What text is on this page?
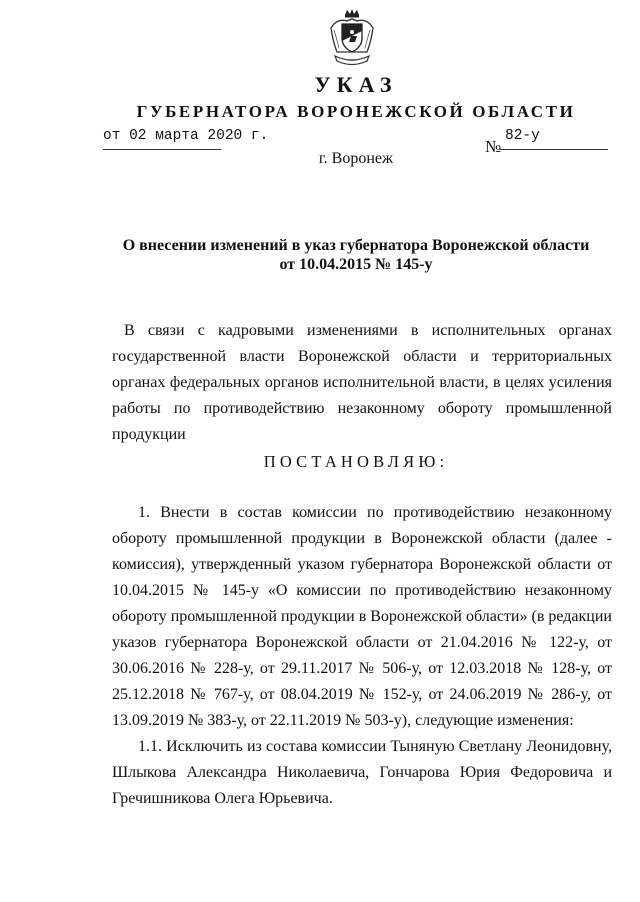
УКАЗ
ГУБЕРНАТОРА ВОРОНЕЖСКОЙ ОБЛАСТИ
от 02 марта 2020 г.
№
82-у
г. Воронеж
О внесении изменений в указ губернатора Воронежской области
от 10.04.2015 № 145-у
В связи с кадровыми изменениями в исполнительных органах государственной власти Воронежской области и территориальных органах федеральных органов исполнительной власти, в целях усиления работы по противодействию незаконному обороту промышленной продукции
ПОСТАНОВЛЯЮ:
1. Внести в состав комиссии по противодействию незаконному обороту промышленной продукции в Воронежской области (далее - комиссия), утвержденный указом губернатора Воронежской области от 10.04.2015 № 145-у «О комиссии по противодействию незаконному обороту промышленной продукции в Воронежской области» (в редакции указов губернатора Воронежской области от 21.04.2016 № 122-у, от 30.06.2016 № 228-у, от 29.11.2017 № 506-у, от 12.03.2018 № 128-у, от 25.12.2018 № 767-у, от 08.04.2019 № 152-у, от 24.06.2019 № 286-у, от 13.09.2019 № 383-у, от 22.11.2019 № 503-у), следующие изменения:
1.1. Исключить из состава комиссии Тыняную Светлану Леонидовну, Шлыкова Александра Николаевича, Гончарова Юрия Федоровича и Гречишникова Олега Юрьевича.
